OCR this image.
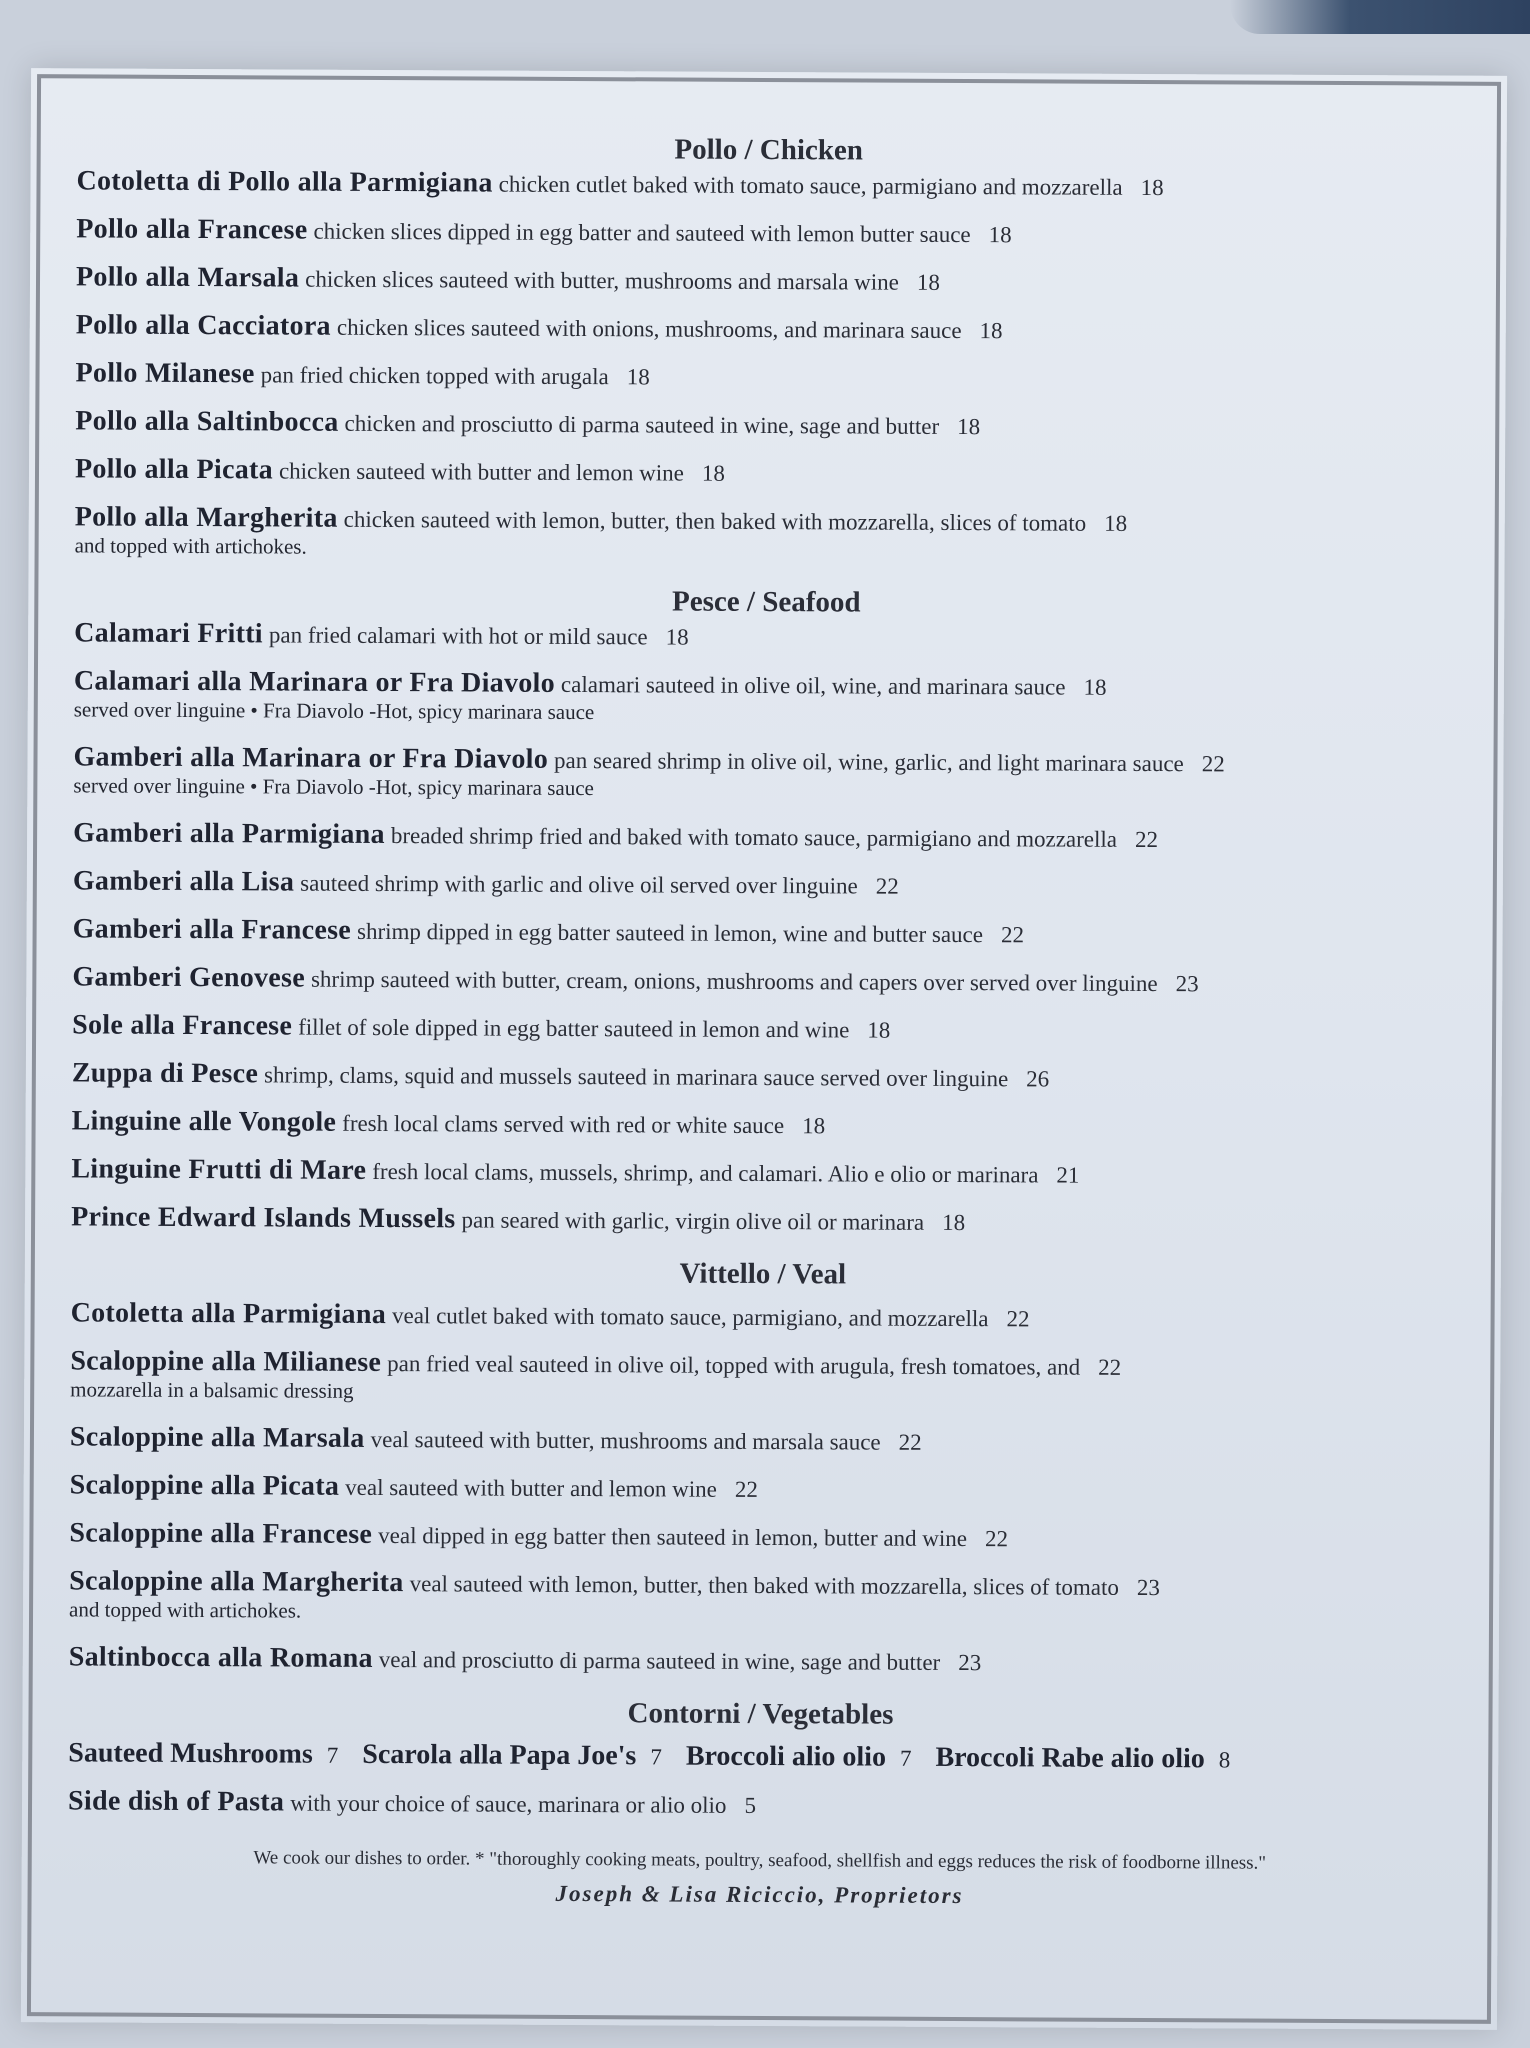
Pollo / Chicken
Cotoletta di Pollo alla Parmigiana chicken cutlet baked with tomato sauce, parmigiano and mozzarella 18
Pollo alla Francese chicken slices dipped in egg batter and sauteed with lemon butter sauce 18
Pollo alla Marsala chicken slices sauteed with butter, mushrooms and marsala wine 18
Pollo alla Cacciatora chicken slices sauteed with onions, mushrooms, and marinara sauce 18
Pollo Milanese pan fried chicken topped with arugala 18
Pollo alla Saltinbocca chicken and prosciutto di parma sauteed in wine, sage and butter 18
Pollo alla Picata chicken sauteed with butter and lemon wine 18
Pollo alla Margherita chicken sauteed with lemon, butter, then baked with mozzarella, slices of tomato 18
and topped with artichokes.
Pesce / Seafood
Calamari Fritti pan fried calamari with hot or mild sauce 18
Calamari alla Marinara or Fra Diavolo calamari sauteed in olive oil, wine, and marinara sauce 18
served over linguine • Fra Diavolo -Hot, spicy marinara sauce
Gamberi alla Marinara or Fra Diavolo pan seared shrimp in olive oil, wine, garlic, and light marinara sauce 22
served over linguine • Fra Diavolo -Hot, spicy marinara sauce
Gamberi alla Parmigiana breaded shrimp fried and baked with tomato sauce, parmigiano and mozzarella 22
Gamberi alla Lisa sauteed shrimp with garlic and olive oil served over linguine 22
Gamberi alla Francese shrimp dipped in egg batter sauteed in lemon, wine and butter sauce 22
Gamberi Genovese shrimp sauteed with butter, cream, onions, mushrooms and capers over served over linguine 23
Sole alla Francese fillet of sole dipped in egg batter sauteed in lemon and wine 18
Zuppa di Pesce shrimp, clams, squid and mussels sauteed in marinara sauce served over linguine 26
Linguine alle Vongole fresh local clams served with red or white sauce 18
Linguine Frutti di Mare fresh local clams, mussels, shrimp, and calamari. Alio e olio or marinara 21
Prince Edward Islands Mussels pan seared with garlic, virgin olive oil or marinara 18
Vittello / Veal
Cotoletta alla Parmigiana veal cutlet baked with tomato sauce, parmigiano, and mozzarella 22
Scaloppine alla Milianese pan fried veal sauteed in olive oil, topped with arugula, fresh tomatoes, and 22
mozzarella in a balsamic dressing
Scaloppine alla Marsala veal sauteed with butter, mushrooms and marsala sauce 22
Scaloppine alla Picata veal sauteed with butter and lemon wine 22
Scaloppine alla Francese veal dipped in egg batter then sauteed in lemon, butter and wine 22
Scaloppine alla Margherita veal sauteed with lemon, butter, then baked with mozzarella, slices of tomato 23
and topped with artichokes.
Saltinbocca alla Romana veal and prosciutto di parma sauteed in wine, sage and butter 23
Contorni / Vegetables
Sauteed Mushrooms 7 Scarola alla Papa Joe's 7 Broccoli alio olio 7 Broccoli Rabe alio olio 8
Side dish of Pasta with your choice of sauce, marinara or alio olio 5
We cook our dishes to order. * "thoroughly cooking meats, poultry, seafood, shellfish and eggs reduces the risk of foodborne illness."
Joseph & Lisa Riciccio, Proprietors
